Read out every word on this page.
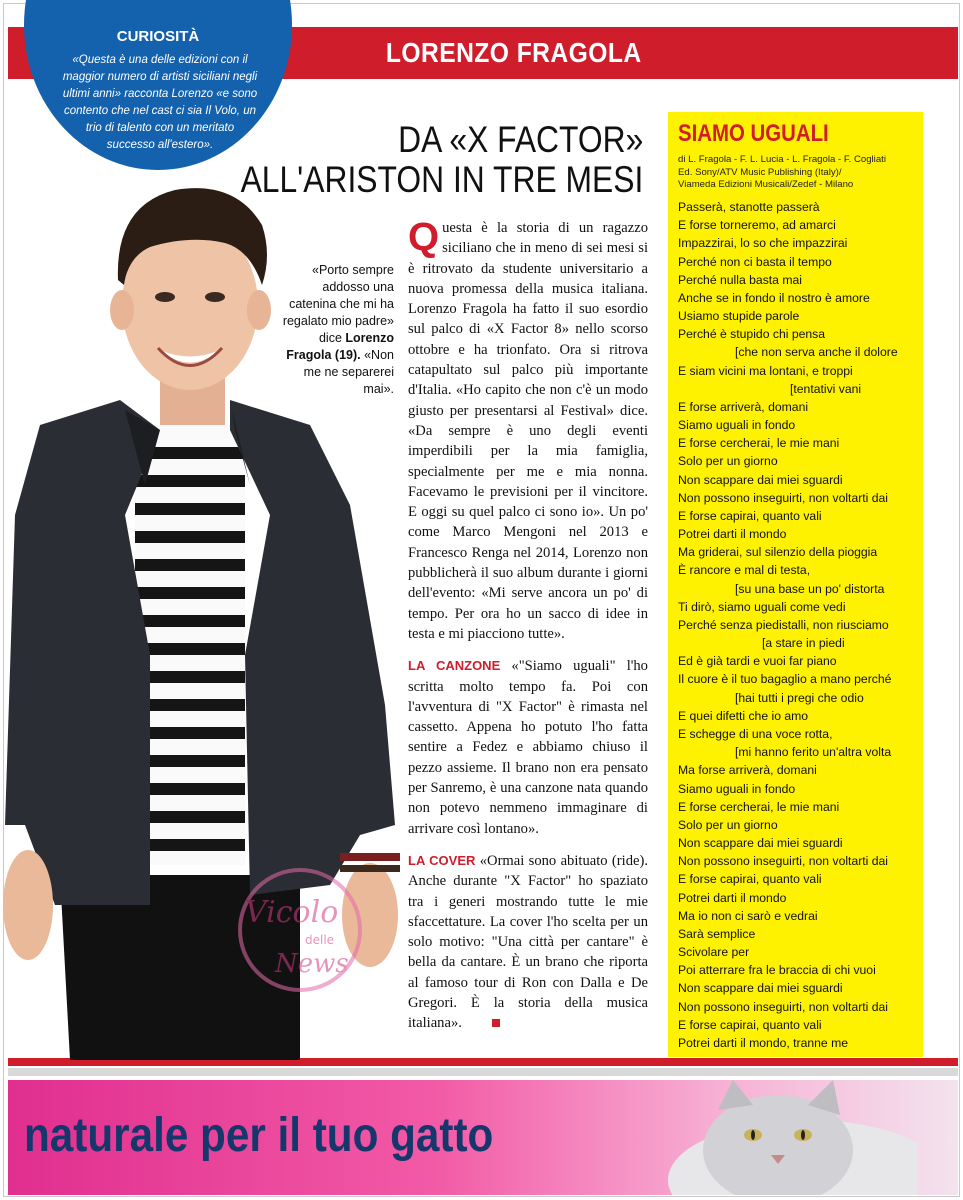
LORENZO FRAGOLA
CURIOSITÀ
«Questa è una delle edizioni con il maggior numero di artisti siciliani negli ultimi anni» racconta Lorenzo «e sono contento che nel cast ci sia Il Volo, un trio di talento con un meritato successo all'estero».	DA «X FACTOR»
ALL'ARISTON IN TRE MESI
«Porto sempre addosso una catenina che mi ha regalato mio padre» dice Lorenzo Fragola (19). «Non me ne separerei mai».

Questa è la storia di un ragazzo siciliano che in meno di sei mesi si è ritrovato da studente universitario a nuova promessa della musica italiana. Lorenzo Fragola ha fatto il suo esordio sul palco di «X Factor 8» nello scorso ottobre e ha trionfato. Ora si ritrova catapultato sul palco più importante d'Italia. «Ho capito che non c'è un modo giusto per presentarsi al Festival» dice. «Da sempre è uno degli eventi imperdibili per la mia famiglia, specialmente per me e mia nonna. Facevamo le previsioni per il vincitore. E oggi su quel palco ci sono io». Un po' come Marco Mengoni nel 2013 e Francesco Renga nel 2014, Lorenzo non pubblicherà il suo album durante i giorni dell'evento: «Mi serve ancora un po' di tempo. Per ora ho un sacco di idee in testa e mi piacciono tutte».

LA CANZONE «"Siamo uguali" l'ho scritta molto tempo fa. Poi con l'avventura di "X Factor" è rimasta nel cassetto. Appena ho potuto l'ho fatta sentire a Fedez e abbiamo chiuso il pezzo assieme. Il brano non era pensato per Sanremo, è una canzone nata quando non potevo nemmeno immaginare di arrivare così lontano».

LA COVER «Ormai sono abituato (ride). Anche durante "X Factor" ho spaziato tra i generi mostrando tutte le mie sfaccettature. La cover l'ho scelta per un solo motivo: "Una città per cantare" è bella da cantare. È un brano che riporta al famoso tour di Ron con Dalla e De Gregori. È la storia della musica italiana».

SIAMO UGUALI
di L. Fragola - F. L. Lucia - L. Fragola - F. Cogliati
Ed. Sony/ATV Music Publishing (Italy)/
Viameda Edizioni Musicali/Zedef - Milano
Passerà, stanotte passerà
E forse torneremo, ad amarci
Impazzirai, lo so che impazzirai
Perché non ci basta il tempo
Perché nulla basta mai
Anche se in fondo il nostro è amore
Usiamo stupide parole
Perché è stupido chi pensa
[che non serva anche il dolore
E siam vicini ma lontani, e troppi
[tentativi vani
E forse arriverà, domani
Siamo uguali in fondo
E forse cercherai, le mie mani
Solo per un giorno
Non scappare dai miei sguardi
Non possono inseguirti, non voltarti dai
E forse capirai, quanto vali
Potrei darti il mondo
Ma griderai, sul silenzio della pioggia
È rancore e mal di testa,
[su una base un po' distorta
Ti dirò, siamo uguali come vedi
Perché senza piedistalli, non riusciamo
[a stare in piedi
Ed è già tardi e vuoi far piano
Il cuore è il tuo bagaglio a mano perché
[hai tutti i pregi che odio
E quei difetti che io amo
E schegge di una voce rotta,
[mi hanno ferito un'altra volta
Ma forse arriverà, domani
Siamo uguali in fondo
E forse cercherai, le mie mani
Solo per un giorno
Non scappare dai miei sguardi
Non possono inseguirti, non voltarti dai
E forse capirai, quanto vali
Potrei darti il mondo
Ma io non ci sarò e vedrai
Sarà semplice
Scivolare per
Poi atterrare fra le braccia di chi vuoi
Non scappare dai miei sguardi
Non possono inseguirti, non voltarti dai
E forse capirai, quanto vali
Potrei darti il mondo, tranne me
naturale per il tuo gatto
Vicolo
delle
News
